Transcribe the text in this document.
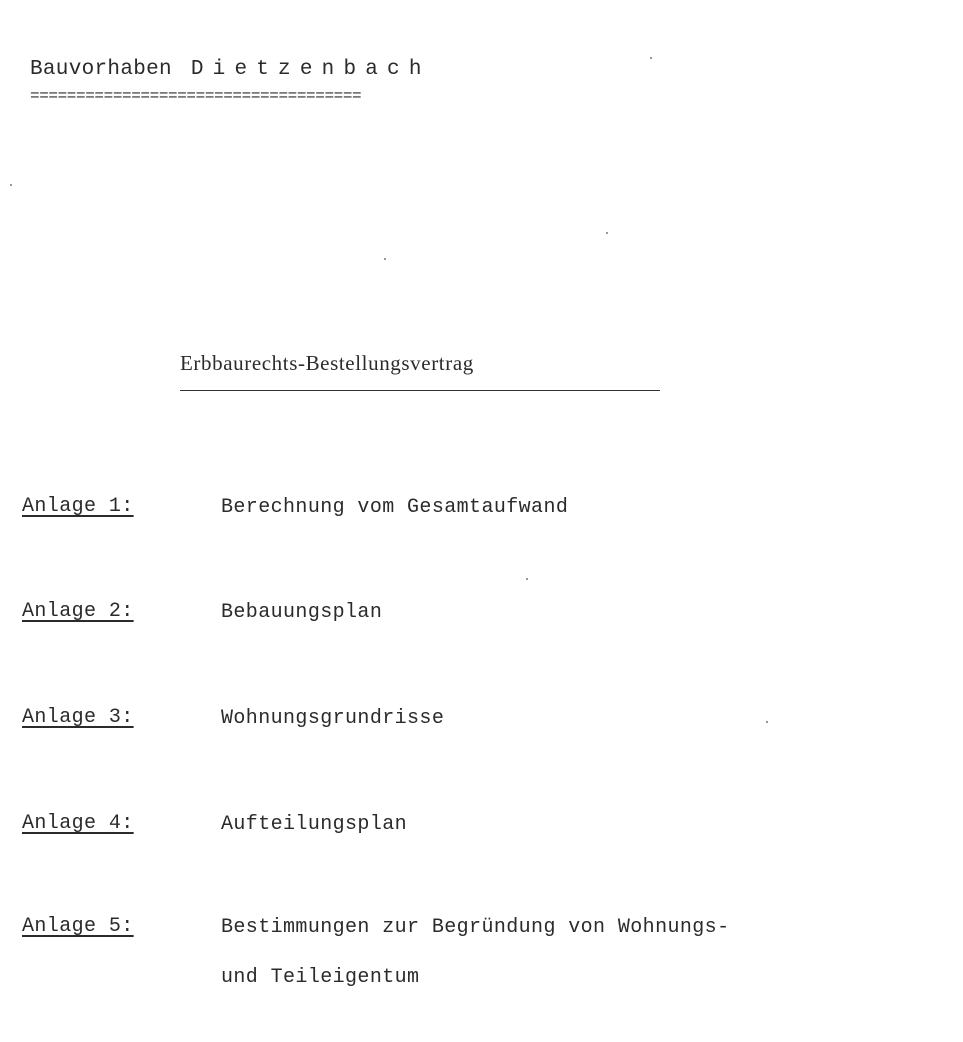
Bauvorhaben Dietzenbach
====================================
Erbbaurechts-Bestellungsvertrag
Anlage 1:	Berechnung vom Gesamtaufwand
Anlage 2:	Bebauungsplan
Anlage 3:	Wohnungsgrundrisse
Anlage 4:	Aufteilungsplan
Anlage 5:	Bestimmungen zur Begründung von Wohnungs-
und Teileigentum
